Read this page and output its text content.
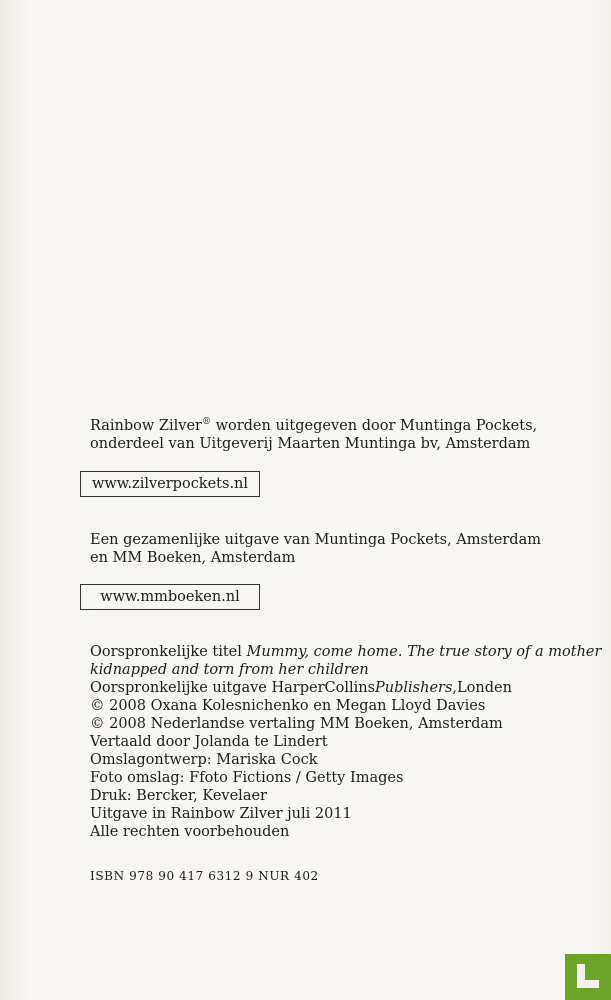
Rainbow Zilver® worden uitgegeven door Muntinga Pockets,
onderdeel van Uitgeverij Maarten Muntinga bv, Amsterdam
www.zilverpockets.nl
Een gezamenlijke uitgave van Muntinga Pockets, Amsterdam
en MM Boeken, Amsterdam
www.mmboeken.nl
Oorspronkelijke titel Mummy, come home. The true story of a mother
kidnapped and torn from her children
Oorspronkelijke uitgave HarperCollinsPublishers,Londen
© 2008 Oxana Kolesnichenko en Megan Lloyd Davies
© 2008 Nederlandse vertaling MM Boeken, Amsterdam
Vertaald door Jolanda te Lindert
Omslagontwerp: Mariska Cock
Foto omslag: Ffoto Fictions / Getty Images
Druk: Bercker, Kevelaer
Uitgave in Rainbow Zilver juli 2011
Alle rechten voorbehouden
ISBN 978 90 417 6312 9 NUR 402
